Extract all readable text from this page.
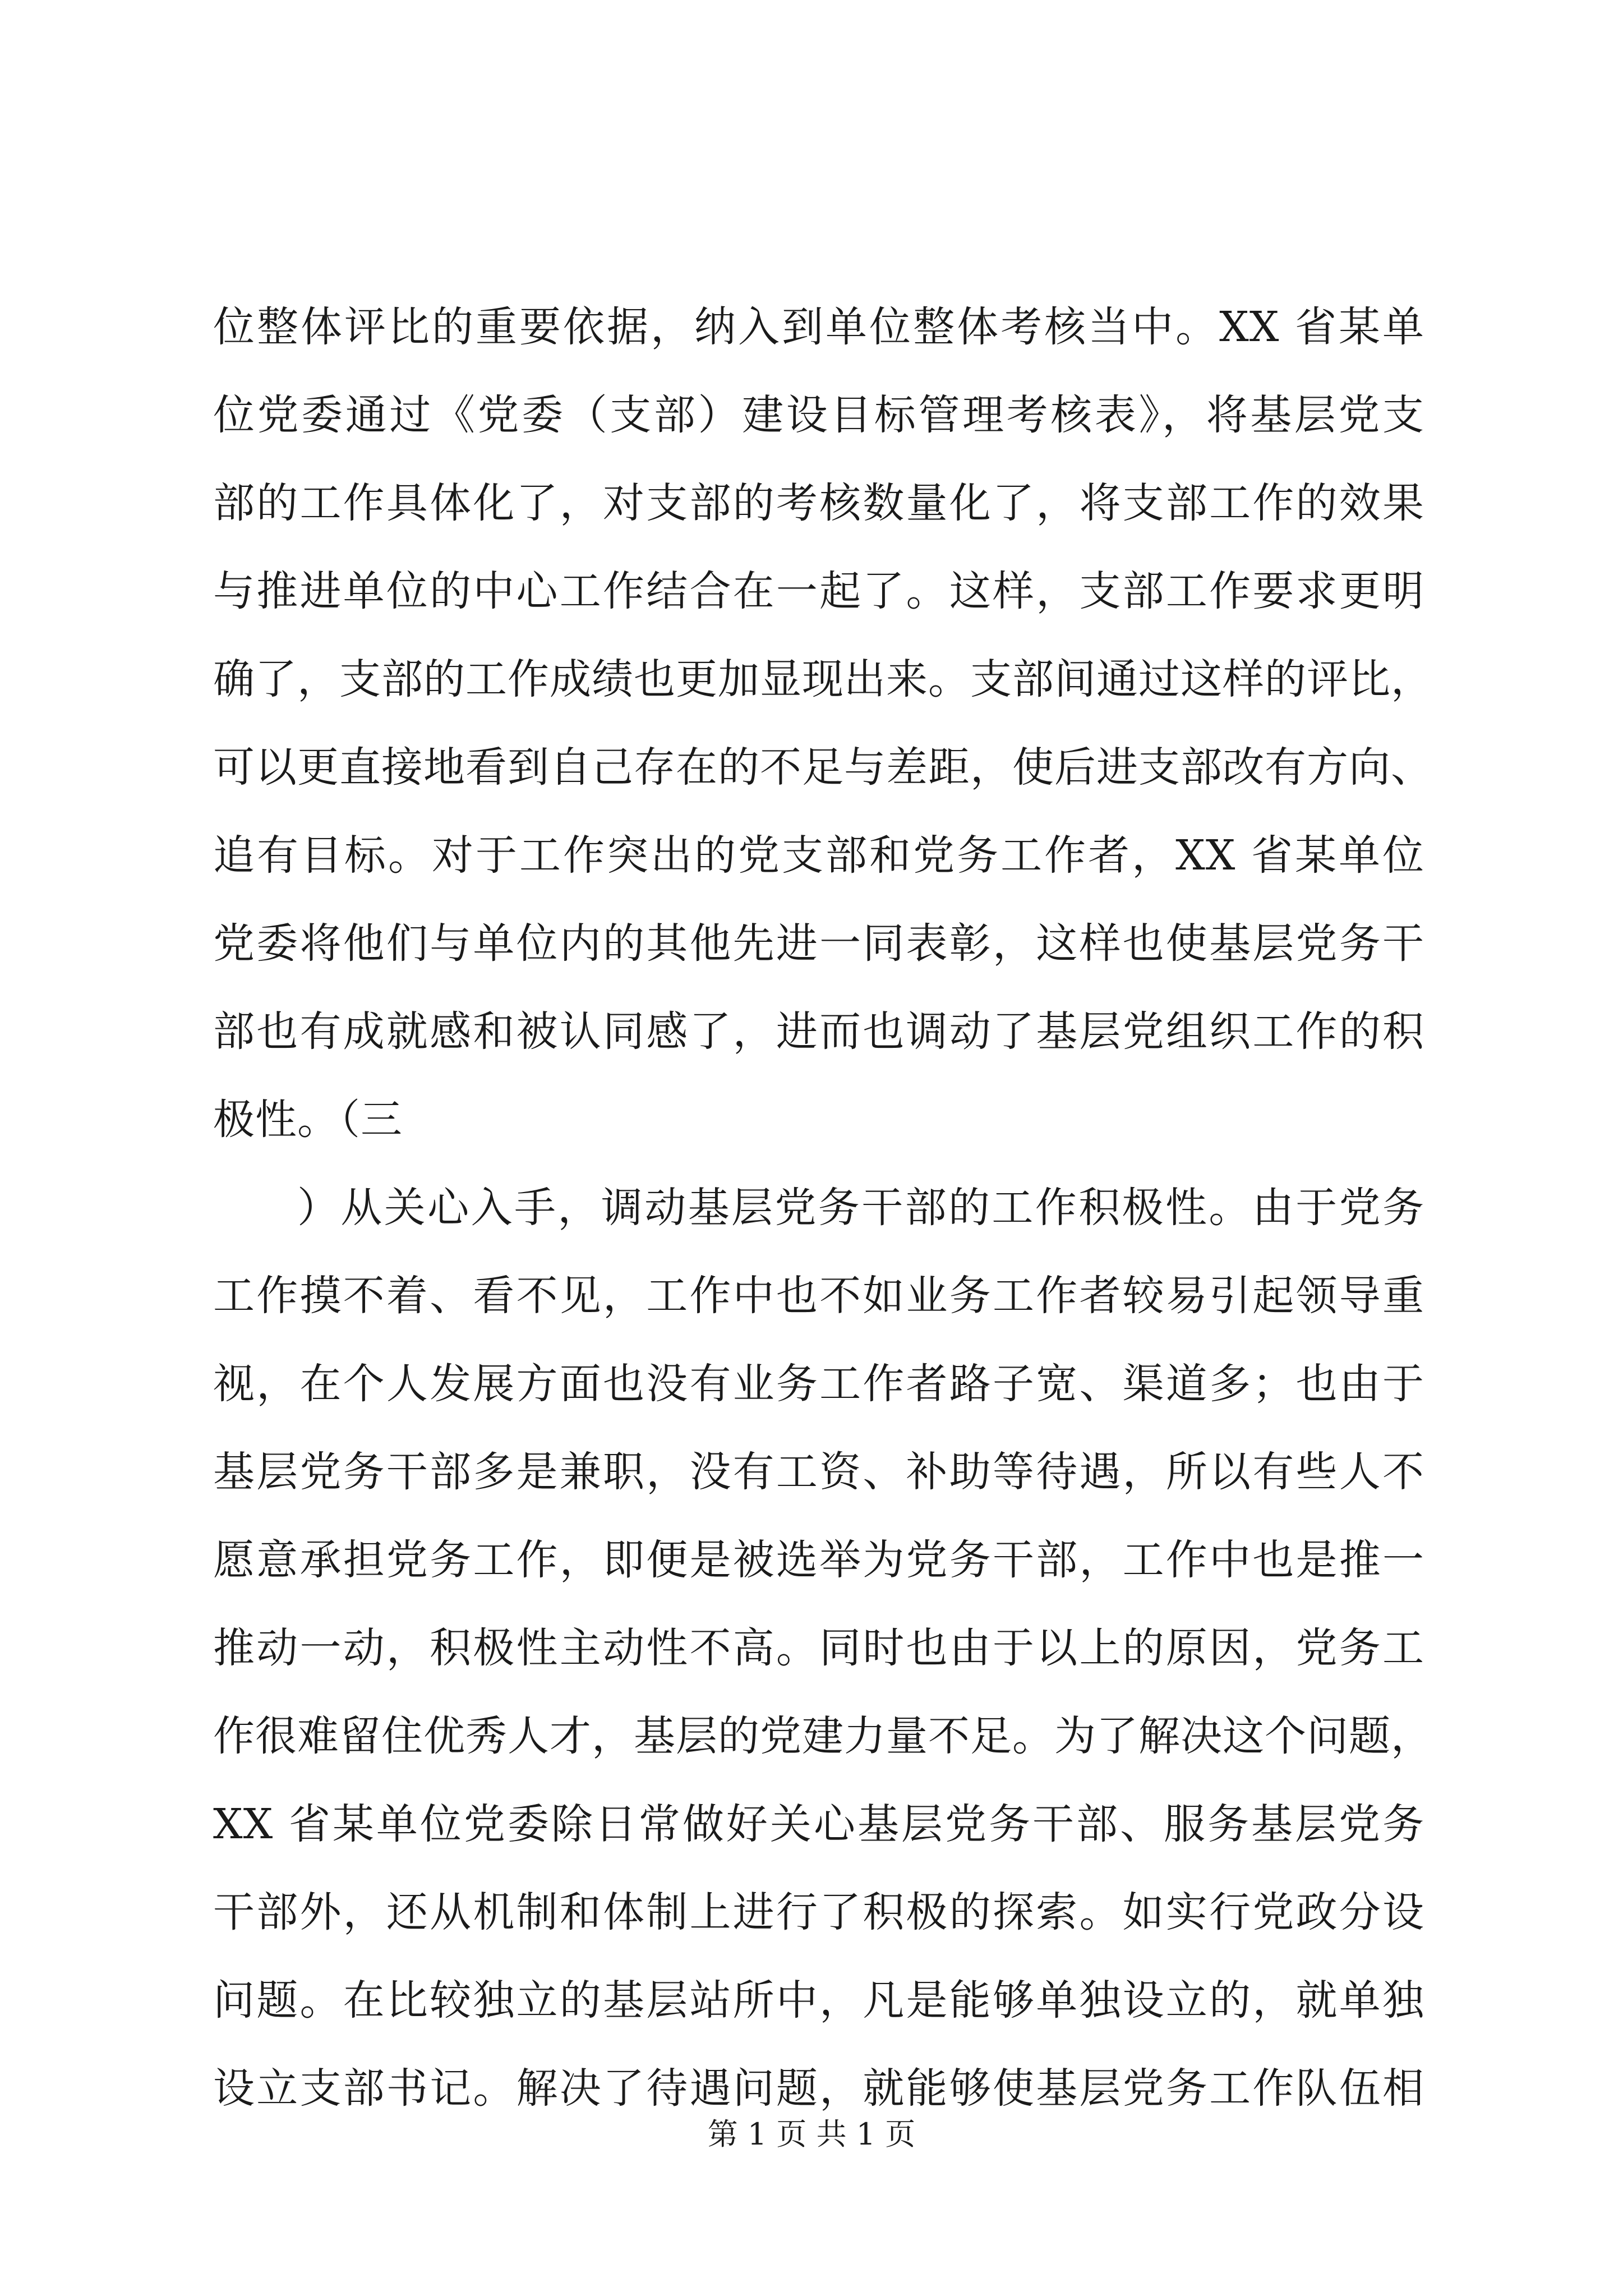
位整体评比的重要依据，纳入到单位整体考核当中。XX 省某单
位党委通过《党委（支部）建设目标管理考核表》，将基层党支
部的工作具体化了，对支部的考核数量化了，将支部工作的效果
与推进单位的中心工作结合在一起了。这样，支部工作要求更明
确了，支部的工作成绩也更加显现出来。支部间通过这样的评比，
可以更直接地看到自己存在的不足与差距，使后进支部改有方向、
追有目标。对于工作突出的党支部和党务工作者，XX 省某单位
党委将他们与单位内的其他先进一同表彰，这样也使基层党务干
部也有成就感和被认同感了，进而也调动了基层党组织工作的积
极性。（三
）从关心入手，调动基层党务干部的工作积极性。由于党务
工作摸不着、看不见，工作中也不如业务工作者较易引起领导重
视，在个人发展方面也没有业务工作者路子宽、渠道多；也由于
基层党务干部多是兼职，没有工资、补助等待遇，所以有些人不
愿意承担党务工作，即便是被选举为党务干部，工作中也是推一
推动一动，积极性主动性不高。同时也由于以上的原因，党务工
作很难留住优秀人才，基层的党建力量不足。为了解决这个问题，
XX 省某单位党委除日常做好关心基层党务干部、服务基层党务
干部外，还从机制和体制上进行了积极的探索。如实行党政分设
问题。在比较独立的基层站所中，凡是能够单独设立的，就单独
设立支部书记。解决了待遇问题，就能够使基层党务工作队伍相
第 1 页 共 1 页
